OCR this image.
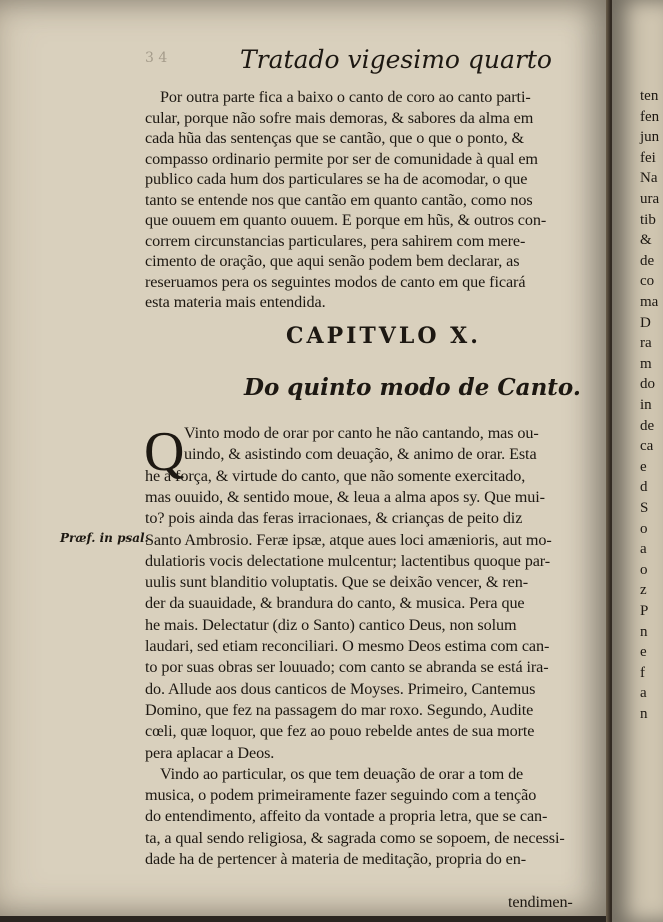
3 4	Tratado vigesimo quarto
Por outra parte fica a baixo o canto de coro ao canto parti-
cular, porque não sofre mais demoras, & sabores da alma em
cada hũa das sentenças que se cantão, que o que o ponto, &
compasso ordinario permite por ser de comunidade à qual em
publico cada hum dos particulares se ha de acomodar, o que
tanto se entende nos que cantão em quanto cantão, como nos
que ouuem em quanto ouuem. E porque em hũs, & outros con-
correm circunstancias particulares, pera sahirem com mere-
cimento de oração, que aqui senão podem bem declarar, as
reseruamos pera os seguintes modos de canto em que ficará
esta materia mais entendida.
CAPITVLO X.
Do quinto modo de Canto.
Q Vinto modo de orar por canto he não cantando, mas ou-
uindo, & asistindo com deuação, & animo de orar. Esta
he a força, & virtude do canto, que não somente exercitado,
mas ouuido, & sentido moue, & leua a alma apos sy. Que mui-
to? pois ainda das feras irracionaes, & crianças de peito diz
Santo Ambrosio. Feræ ipsæ, atque aues loci amænioris, aut mo-
dulatioris vocis delectatione mulcentur; lactentibus quoque par-
uulis sunt blanditio voluptatis. Que se deixão vencer, & ren-
der da suauidade, & brandura do canto, & musica. Pera que
he mais. Delectatur (diz o Santo) cantico Deus, non solum
laudari, sed etiam reconciliari. O mesmo Deos estima com can-
to por suas obras ser louuado; com canto se abranda se está ira-
do. Allude aos dous canticos de Moyses. Primeiro, Cantemus
Domino, que fez na passagem do mar roxo. Segundo, Audite
cœli, quæ loquor, que fez ao pouo rebelde antes de sua morte
pera aplacar a Deos.
Vindo ao particular, os que tem deuação de orar a tom de
musica, o podem primeiramente fazer seguindo com a tenção
do entendimento, affeito da vontade a propria letra, que se can-
ta, a qual sendo religiosa, & sagrada como se sopoem, de necessi-
dade ha de pertencer à materia de meditação, propria do en-
Præf. in psal.
tendimen-
ten
fen
jun
fei
Na
ura
tib
&
de
co
ma
D
ra
m
do
in
de
ca
e
d
S
o
a
o
z
P
n
e
f
a
n
